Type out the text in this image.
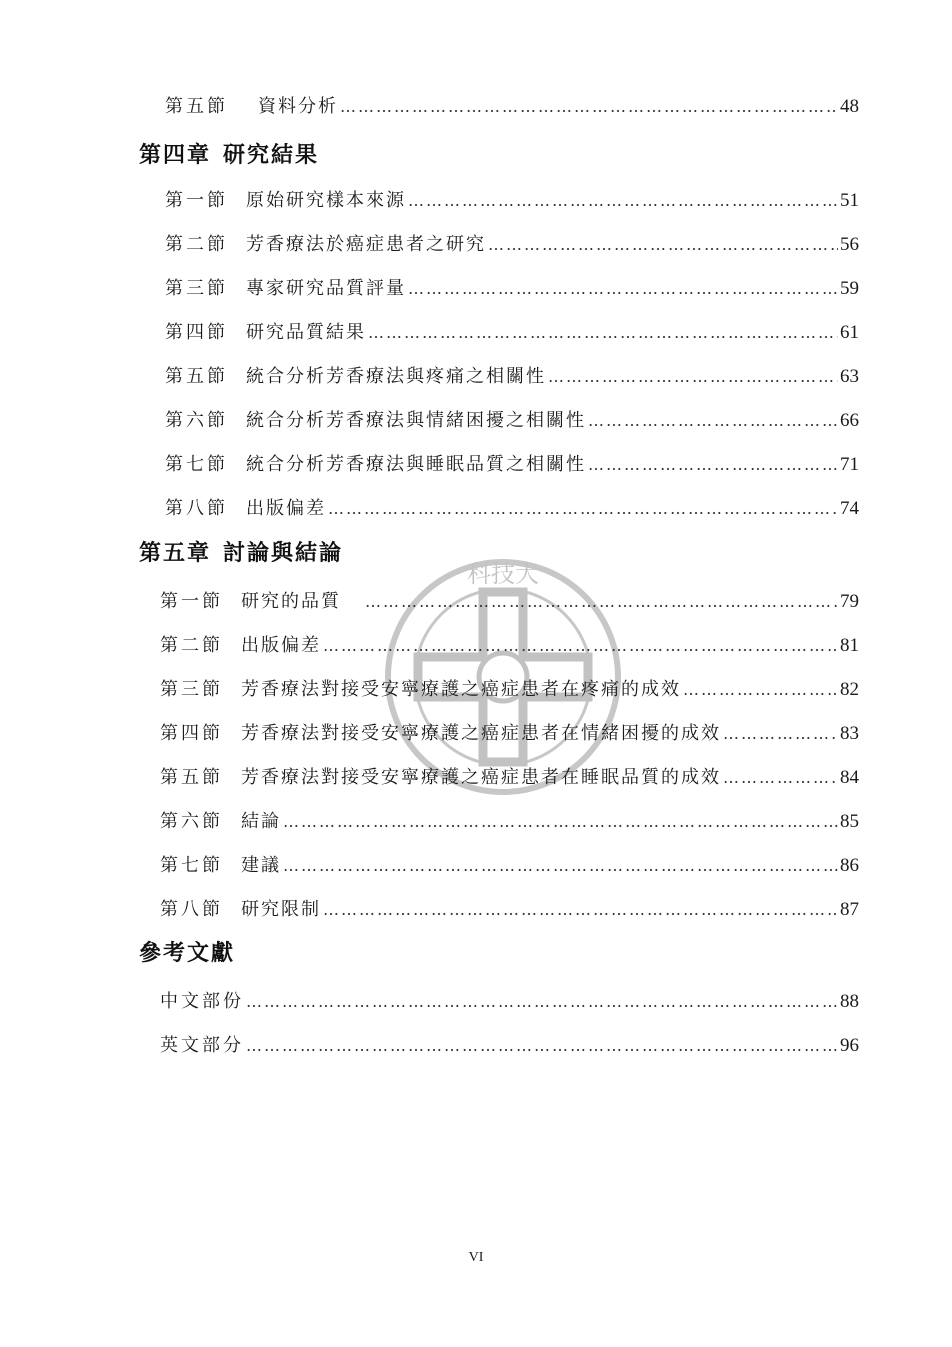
科技大
第五節 資料分析 ……………………………………………………………………………………………………………………………………………………………………………………………	48
第四章 研究結果
第一節 原始研究樣本來源 ……………………………………………………………………………………………………………………………………………………………………………………………	51
第二節 芳香療法於癌症患者之研究 ……………………………………………………………………………………………………………………………………………………………………………………………	56
第三節 專家研究品質評量 ……………………………………………………………………………………………………………………………………………………………………………………………	59
第四節 研究品質結果 ……………………………………………………………………………………………………………………………………………………………………………………………	61
第五節 統合分析芳香療法與疼痛之相關性 ……………………………………………………………………………………………………………………………………………………………………………………………	63
第六節 統合分析芳香療法與情緒困擾之相關性 ……………………………………………………………………………………………………………………………………………………………………………………………	66
第七節 統合分析芳香療法與睡眠品質之相關性 ……………………………………………………………………………………………………………………………………………………………………………………………	71
第八節 出版偏差 ……………………………………………………………………………………………………………………………………………………………………………………………	74
第五章 討論與結論
第一節 研究的品質 ……………………………………………………………………………………………………………………………………………………………………………………………	79
第二節 出版偏差 ……………………………………………………………………………………………………………………………………………………………………………………………	81
第三節 芳香療法對接受安寧療護之癌症患者在疼痛的成效 ……………………………………………………………………………………………………………………………………………………………………………………………	82
第四節 芳香療法對接受安寧療護之癌症患者在情緒困擾的成效 ……………………………………………………………………………………………………………………………………………………………………………………………	83
第五節 芳香療法對接受安寧療護之癌症患者在睡眠品質的成效 ……………………………………………………………………………………………………………………………………………………………………………………………	84
第六節 結論 ……………………………………………………………………………………………………………………………………………………………………………………………	85
第七節 建議 ……………………………………………………………………………………………………………………………………………………………………………………………	86
第八節 研究限制 ……………………………………………………………………………………………………………………………………………………………………………………………	87
參考文獻
中文部份 ……………………………………………………………………………………………………………………………………………………………………………………………	88
英文部分 ……………………………………………………………………………………………………………………………………………………………………………………………	96
VI
